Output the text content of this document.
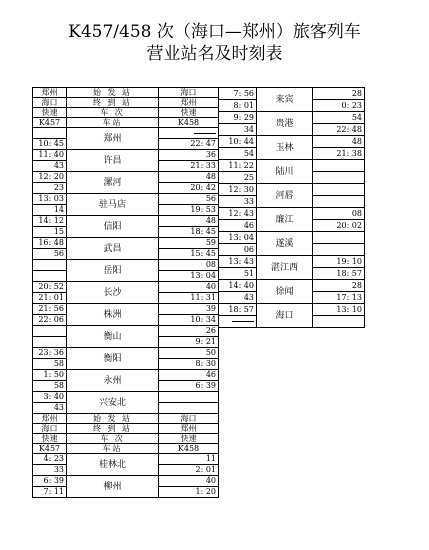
K457/458 次（海口—郑州）旅客列车
营业站名及时刻表
郑州	始 发 站	海口
海口	终 到 站	郑州
快速	车 次	快速
K457	车站	K458
	郑州	
10: 45		22: 47
11: 40	许昌	36
43		21: 33
12: 20	漯河	48
23		20: 42
13: 03	驻马店	56
14		19: 53
14: 12	信阳	48
15		18: 45
16: 48	武昌	59
56		15: 45
	岳阳	08
		13: 04
20: 52	长沙	40
21: 01		11: 31
21: 56	株洲	39
22: 06		10: 34
	衡山	26
		9: 21
23: 36	衡阳	50
58		8: 30
1: 50	永州	46
58		6: 39
3: 40	兴安北	
43		
郑州	始 发 站	海口
海口	终 到 站	郑州
快速	车 次	快速
K457	车站	K458
4: 23	桂林北	11
33		2: 01
6: 39	柳州	40
7: 11		1: 20
7: 56	来宾	28
8: 01		0: 23
9: 29	贵港	54
34		22: 48
10: 44	玉林	48
54		21: 38
11: 22	陆川	
25		
12: 30	河唇	
33		
12: 43	廉江	08
46		20: 02
13: 04	遂溪	
06		
13: 43	湛江西	19: 10
51		18: 57
14: 40	徐闻	28
43		17: 13
18: 57	海口	13: 10
